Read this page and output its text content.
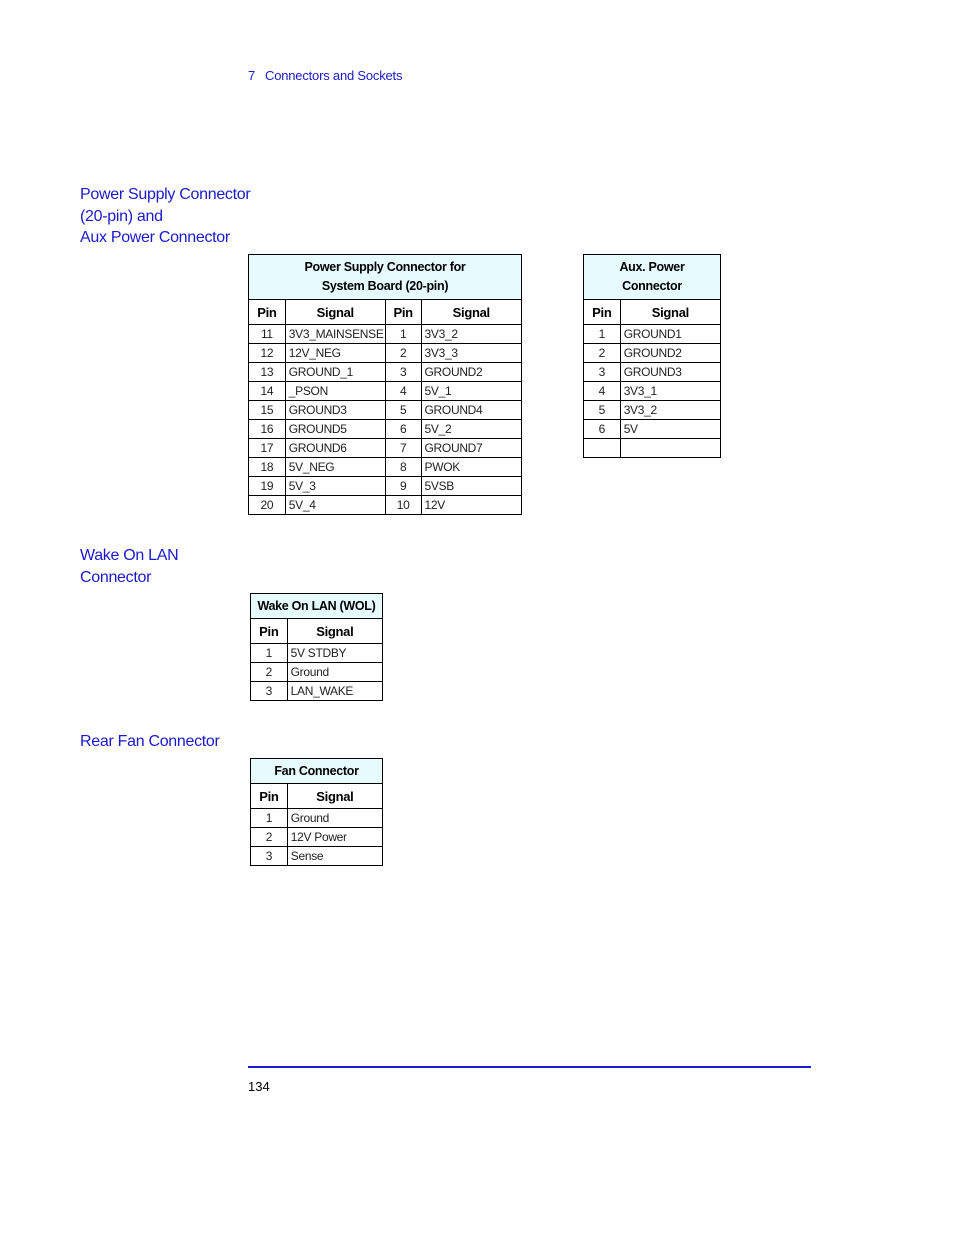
7 Connectors and Sockets
Power Supply Connector
(20-pin) and
Aux Power Connector
Power Supply Connector for
System Board (20-pin)			

Pin	Signal	Pin	Signal
11	3V3_MAINSENSE	1	3V3_2
12	12V_NEG	2	3V3_3
13	GROUND_1	3	GROUND2
14	_PSON	4	5V_1
15	GROUND3	5	GROUND4
16	GROUND5	6	5V_2
17	GROUND6	7	GROUND7
18	5V_NEG	8	PWOK
19	5V_3	9	5VSB
20	5V_4	10	12V
Aux. Power
Connector	

Pin	Signal
1	GROUND1
2	GROUND2
3	GROUND3
4	3V3_1
5	3V3_2
6	5V

Wake On LAN
Connector
Wake On LAN (WOL)	
Pin	Signal
1	5V STDBY
2	Ground
3	LAN_WAKE
Rear Fan Connector
Fan Connector	
Pin	Signal
1	Ground
2	12V Power
3	Sense
134
